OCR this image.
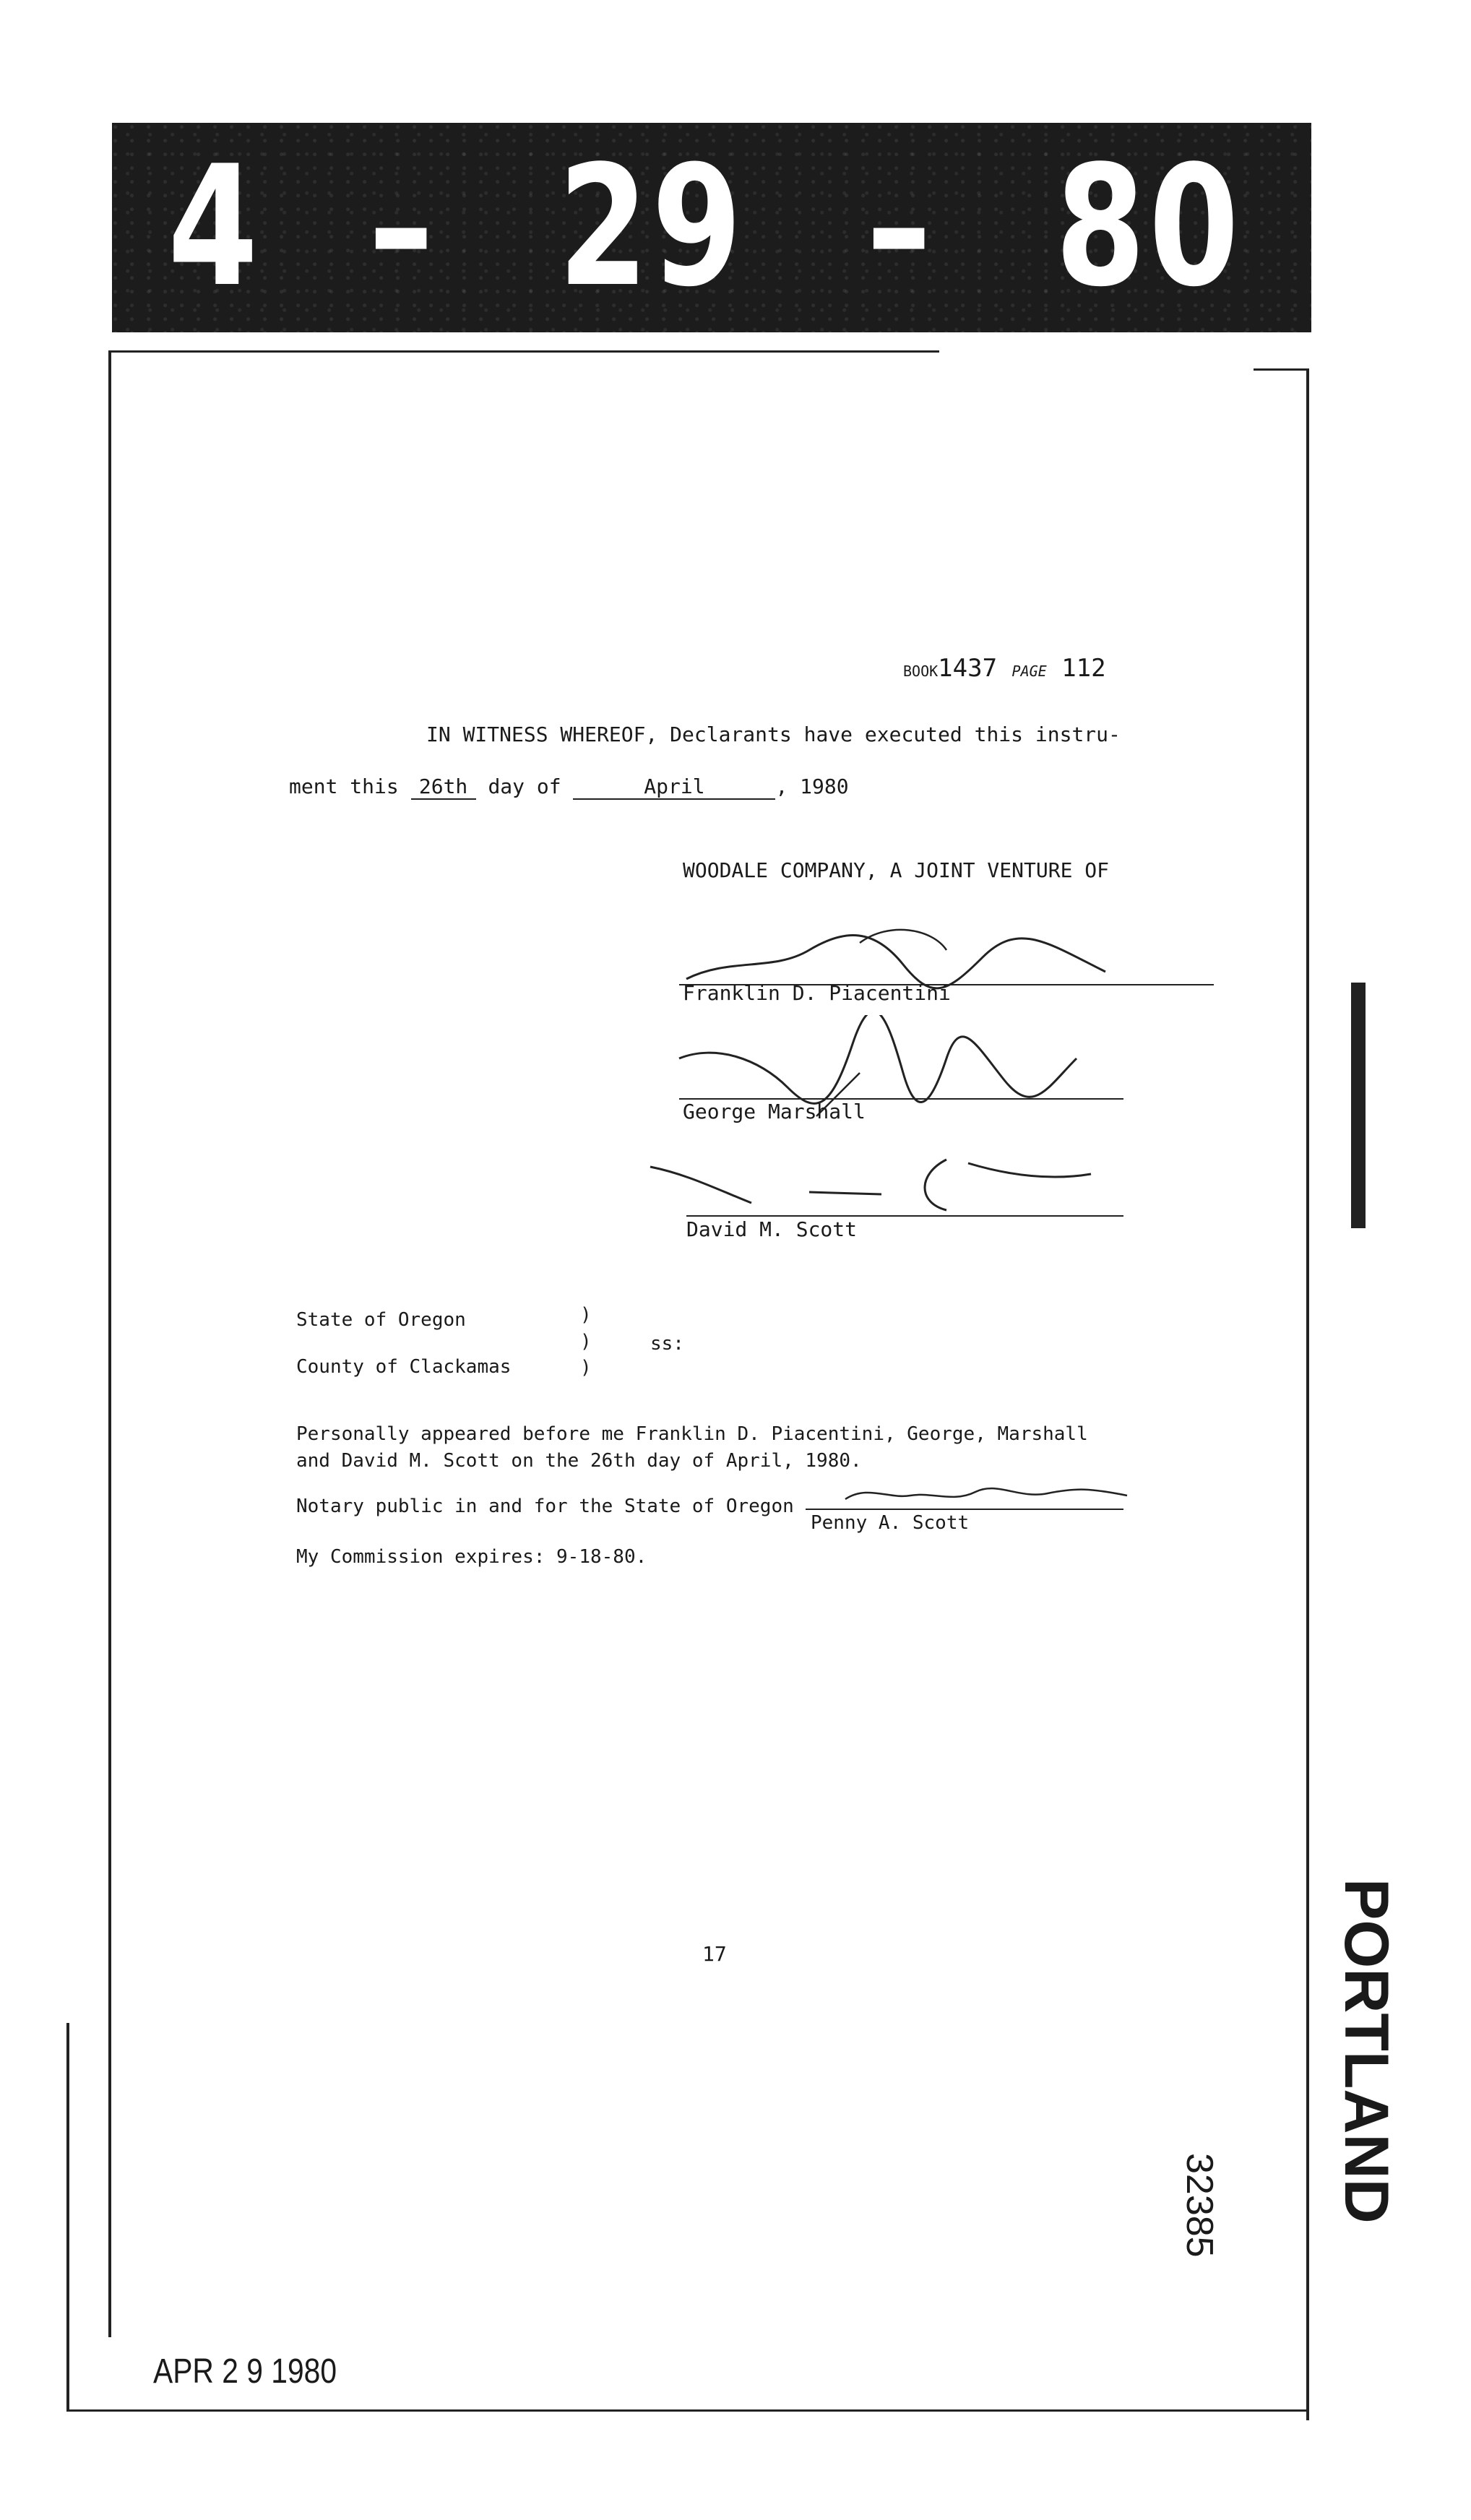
4 – 29 – 80
BOOK1437 PAGE 112
IN WITNESS WHEREOF, Declarants have executed this instru-
ment this 26th day of	April	, 1980
WOODALE COMPANY, A JOINT VENTURE OF
Franklin D. Piacentini
George Marshall
David M. Scott
State of Oregon
County of Clackamas
)
)
)
ss:
Personally appeared before me Franklin D. Piacentini, George, Marshall
and David M. Scott on the 26th day of April, 1980.
Notary public in and for the State of Oregon
Penny A. Scott
My Commission expires: 9-18-80.
17	PORTLAND
32385
APR 2 9 1980
